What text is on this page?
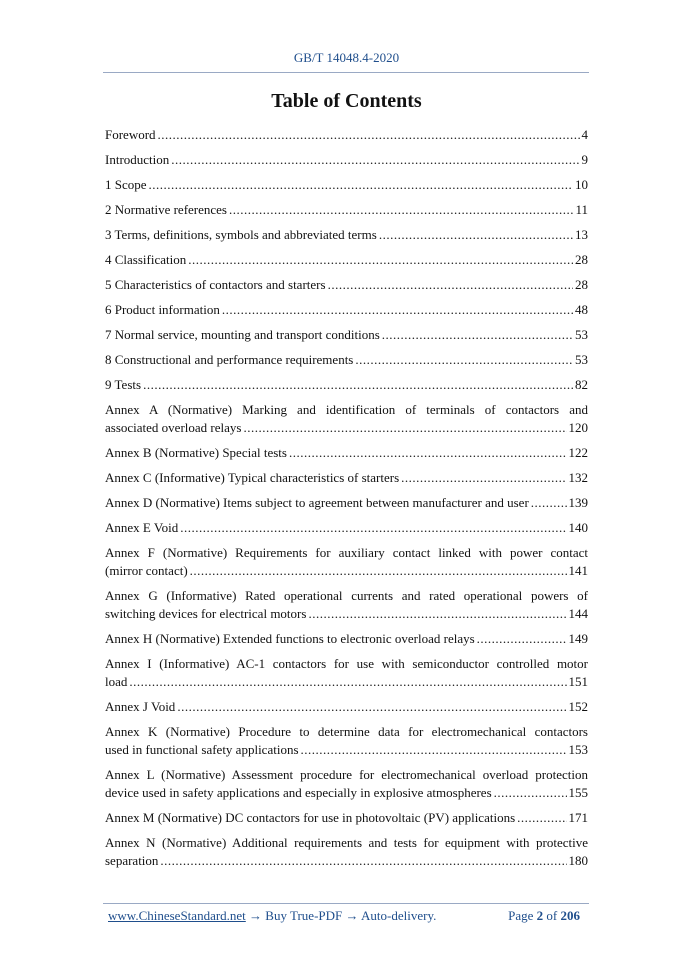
GB/T 14048.4-2020
Table of Contents
Foreword .....	4
Introduction .....	9
1 Scope .....	10
2 Normative references .....	11
3 Terms, definitions, symbols and abbreviated terms .....	13
4 Classification .....	28
5 Characteristics of contactors and starters .....	28
6 Product information .....	48
7 Normal service, mounting and transport conditions .....	53
8 Constructional and performance requirements .....	53
9 Tests .....	82
Annex A (Normative) Marking and identification of terminals of contactors and
associated overload relays .....	120
Annex B (Normative) Special tests .....	122
Annex C (Informative) Typical characteristics of starters .....	132
Annex D (Normative) Items subject to agreement between manufacturer and user .....	139
Annex E Void .....	140
Annex F (Normative) Requirements for auxiliary contact linked with power contact
(mirror contact) .....	141
Annex G (Informative) Rated operational currents and rated operational powers of
switching devices for electrical motors .....	144
Annex H (Normative) Extended functions to electronic overload relays .....	149
Annex I (Informative) AC-1 contactors for use with semiconductor controlled motor
load .....	151
Annex J Void .....	152
Annex K (Normative) Procedure to determine data for electromechanical contactors
used in functional safety applications .....	153
Annex L (Normative) Assessment procedure for electromechanical overload protection
device used in safety applications and especially in explosive atmospheres .....	155
Annex M (Normative) DC contactors for use in photovoltaic (PV) applications .....	171
Annex N (Normative) Additional requirements and tests for equipment with protective
separation .....	180
www.ChineseStandard.net → Buy True-PDF → Auto-delivery.	Page 2 of 206
